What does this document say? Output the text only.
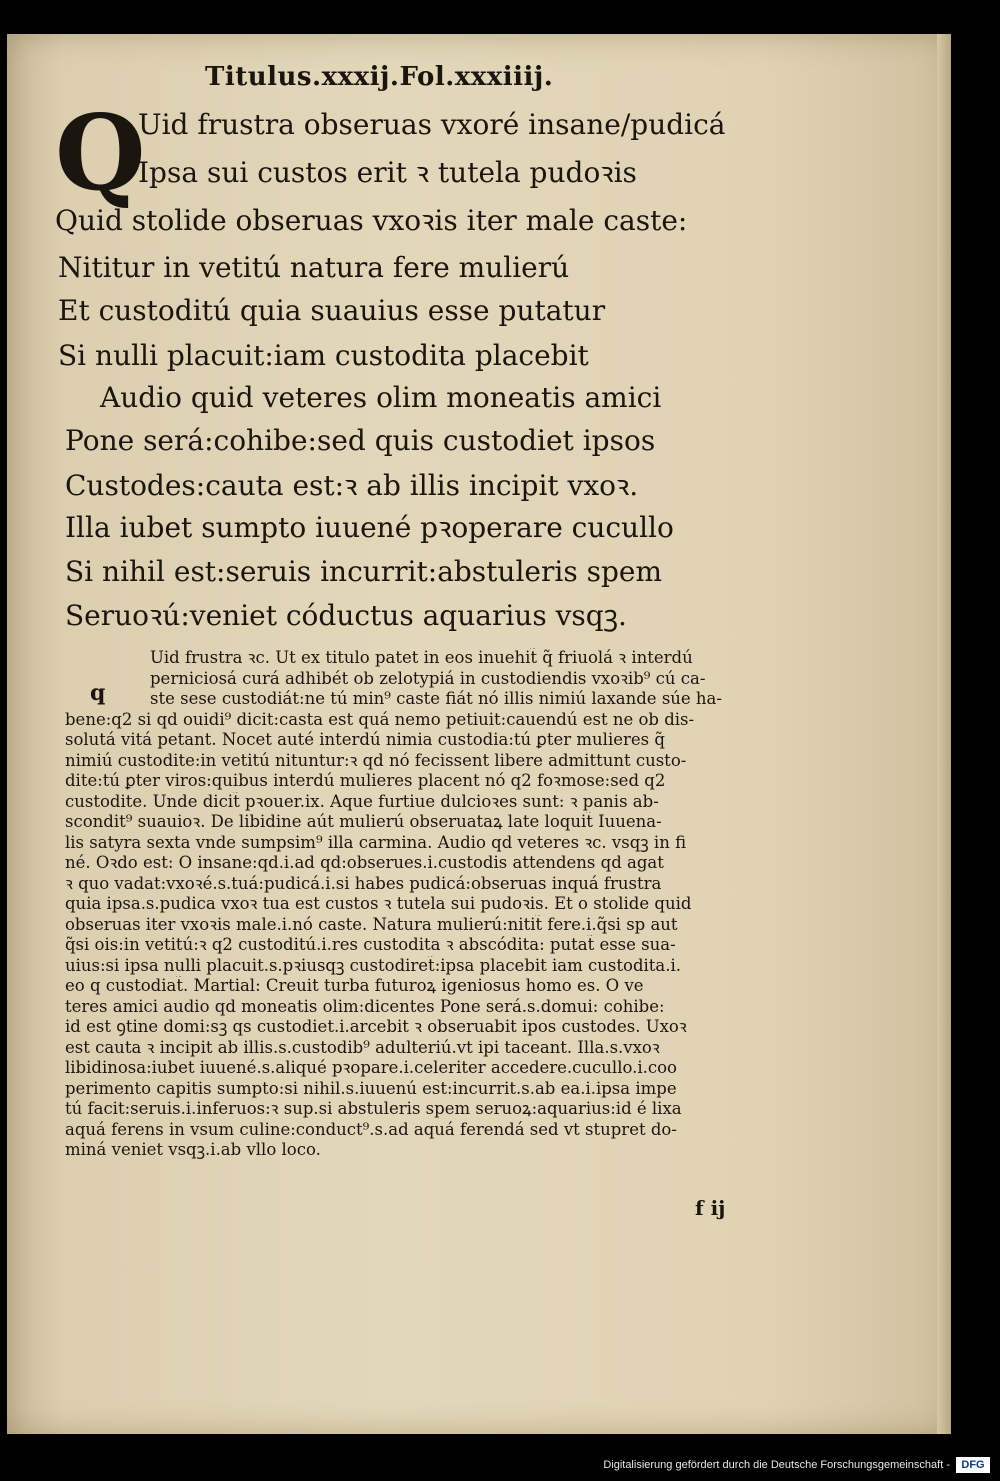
Titulus.xxxij.Fol.xxxiiij.
Q
Uid frustra obseruas vxoré insane/pudicá
Ipsa sui custos erit ꝛ tutela pudoꝛis
Quid stolide obseruas vxoꝛis iter male caste:
Nititur in vetitú natura fere mulierú
Et custoditú quia suauius esse putatur
Si nulli placuit:iam custodita placebit
Audio quid veteres olim moneatis amici
Pone será:cohibe:sed quis custodiet ipsos
Custodes:cauta est:ꝛ ab illis incipit vxoꝛ.
Illa iubet sumpto iuuené pꝛoperare cucullo
Si nihil est:seruis incurrit:abstuleris spem
Seruoꝛú:veniet cóductus aquarius vsqꝫ.
q
Uid frustra ꝛc. Ut ex titulo patet in eos inuehit̃ q̃ friuolá ꝛ interdú
perniciosá curá adhibét ob zelotypiá in custodiendis vxoꝛib⁹ cú ca-
ste sese custodiát:ne tú min⁹ caste fiát nó illis nimiú laxande súe ha-
bene:q2 si qd ouidi⁹ dicit:casta est quá nemo petiuit:cauendú est ne ob dis-
solutá vitá petant. Nocet auté interdú nimia custodia:tú ꝑter mulieres q̃
nimiú custodite:in vetitú nituntur:ꝛ qd nó fecissent libere admittunt custo-
dite:tú ꝑter viros:quibus interdú mulieres placent nó q2 foꝛmose:sed q2
custodite. Unde dicit̃ pꝛouer.ix. Aque furtiue dulcioꝛes sunt: ꝛ panis ab-
scondit⁹ suauioꝛ. De libidine aút mulierú obseruataꝝ late loquit̃ Iuuena-
lis satyra sexta vnde sumpsim⁹ illa carmina. Audio qd veteres ꝛc. vsqꝫ in fi
né. Oꝛdo est: O insane:qd.i.ad qd:obserues.i.custodis attendens qd agat
ꝛ quo vadat:vxoꝛé.s.tuá:pudicá.i.si habes pudicá:obseruas inquá frustra
quia ipsa.s.pudica vxoꝛ tua est custos ꝛ tutela sui pudoꝛis. Et o stolide quid
obseruas iter vxoꝛis male.i.nó caste. Natura mulierú:nitit̃ fere.i.q̃si sp aut
q̃si ois:in vetitú:ꝛ q2 custoditú.i.res custodita ꝛ abscódita: putat̃ esse sua-
uius:si ipsa nulli placuit.s.pꝛiusqꝫ custodiret̃:ipsa placebit iam custodita.i.
eo q custodiat̃. Martial: Creuit turba futuroꝝ igeniosus homo es. O ve
teres amici audio qd moneatis olim:dicentes Pone será.s.domui: cohibe:
id est ꝯtine domi:sꝫ qs custodiet.i.arcebit ꝛ obseruabit ipos custodes. Uxoꝛ
est cauta ꝛ incipit ab illis.s.custodib⁹ adulteriú.vt ipi taceant. Illa.s.vxoꝛ
libidinosa:iubet iuuené.s.aliqué pꝛopare.i.celeriter accedere.cucullo.i.coo
perimento capitis sumpto:si nihil.s.iuuenú est:incurrit.s.ab ea.i.ipsa impe
tú facit:seruis.i.inferuos:ꝛ sup.si abstuleris spem seruoꝝ:aquarius:id é lixa
aquá ferens in vsum culine:conduct⁹.s.ad aquá ferendá sed vt stupret do-
miná veniet vsqꝫ.i.ab vllo loco.
f ij
Digitalisierung gefördert durch die Deutsche Forschungsgemeinschaft -	DFG
